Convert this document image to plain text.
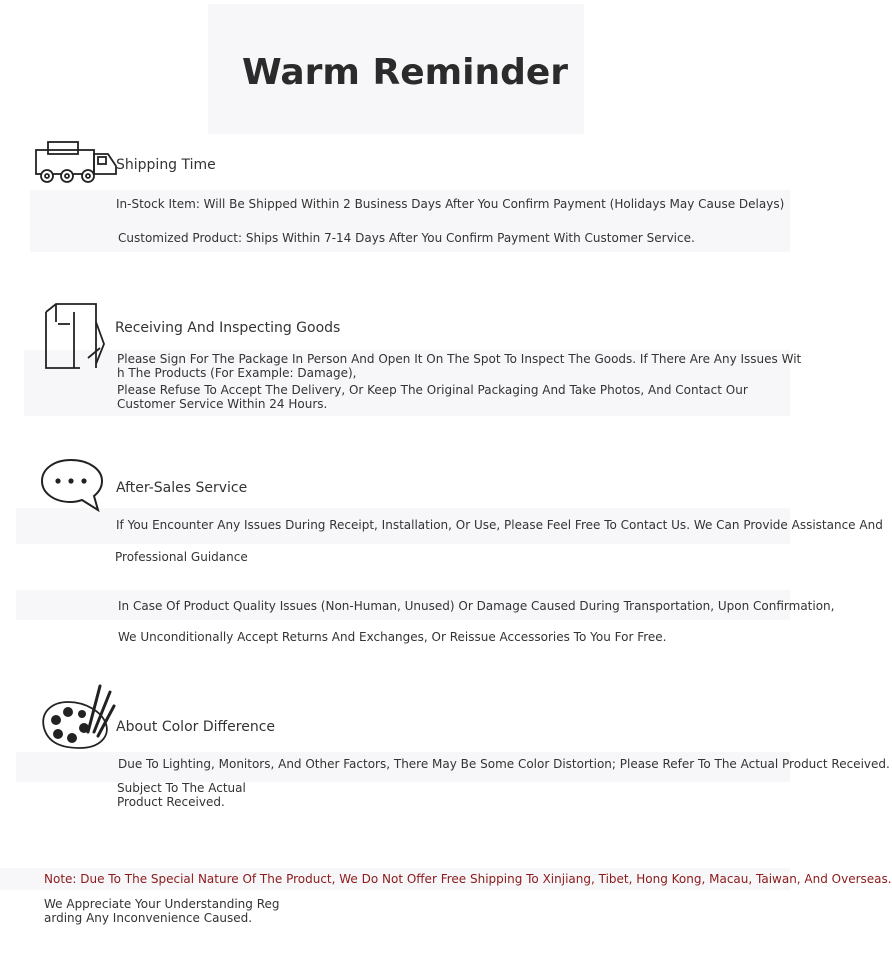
Warm Reminder
Shipping Time
In-Stock Item: Will Be Shipped Within 2 Business Days After You Confirm Payment (Holidays May Cause Delays)
Customized Product: Ships Within 7-14 Days After You Confirm Payment With Customer Service.
Receiving And Inspecting Goods
Please Sign For The Package In Person And Open It On The Spot To Inspect The Goods. If There Are Any Issues Wit
h The Products (For Example: Damage),
Please Refuse To Accept The Delivery, Or Keep The Original Packaging And Take Photos, And Contact Our
Customer Service Within 24 Hours.
After-Sales Service
If You Encounter Any Issues During Receipt, Installation, Or Use, Please Feel Free To Contact Us. We Can Provide Assistance And
Professional Guidance
In Case Of Product Quality Issues (Non-Human, Unused) Or Damage Caused During Transportation, Upon Confirmation,
We Unconditionally Accept Returns And Exchanges, Or Reissue Accessories To You For Free.
About Color Difference
Due To Lighting, Monitors, And Other Factors, There May Be Some Color Distortion; Please Refer To The Actual Product Received.
Subject To The Actual
Product Received.
Note: Due To The Special Nature Of The Product, We Do Not Offer Free Shipping To Xinjiang, Tibet, Hong Kong, Macau, Taiwan, And Overseas.
We Appreciate Your Understanding Reg
arding Any Inconvenience Caused.
